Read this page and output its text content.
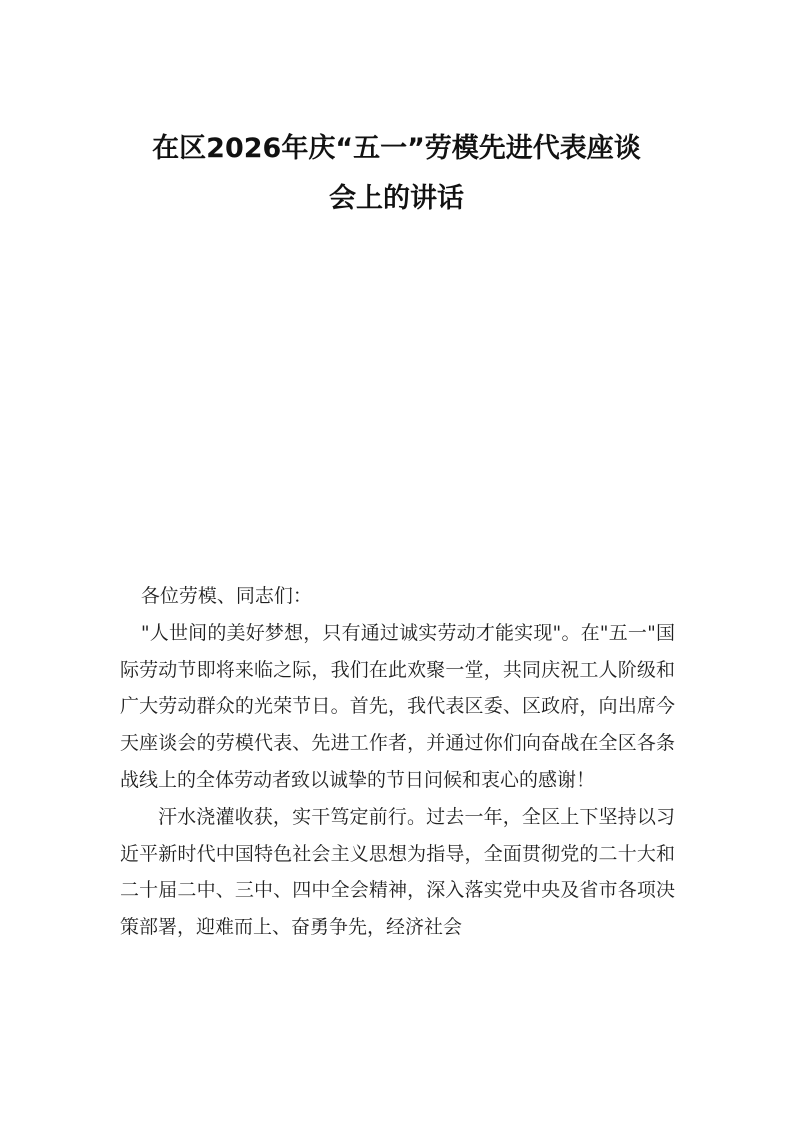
在区2026年庆“五一”劳模先进代表座谈
会上的讲话

各位劳模、同志们：

"人世间的美好梦想，只有通过诚实劳动才能实现"。在"五一"国际劳动节即将来临之际，我们在此欢聚一堂，共同庆祝工人阶级和广大劳动群众的光荣节日。首先，我代表区委、区政府，向出席今天座谈会的劳模代表、先进工作者，并通过你们向奋战在全区各条战线上的全体劳动者致以诚挚的节日问候和衷心的感谢！

汗水浇灌收获，实干笃定前行。过去一年，全区上下坚持以习近平新时代中国特色社会主义思想为指导，全面贯彻党的二十大和二十届二中、三中、四中全会精神，深入落实党中央及省市各项决策部署，迎难而上、奋勇争先，经济社会
